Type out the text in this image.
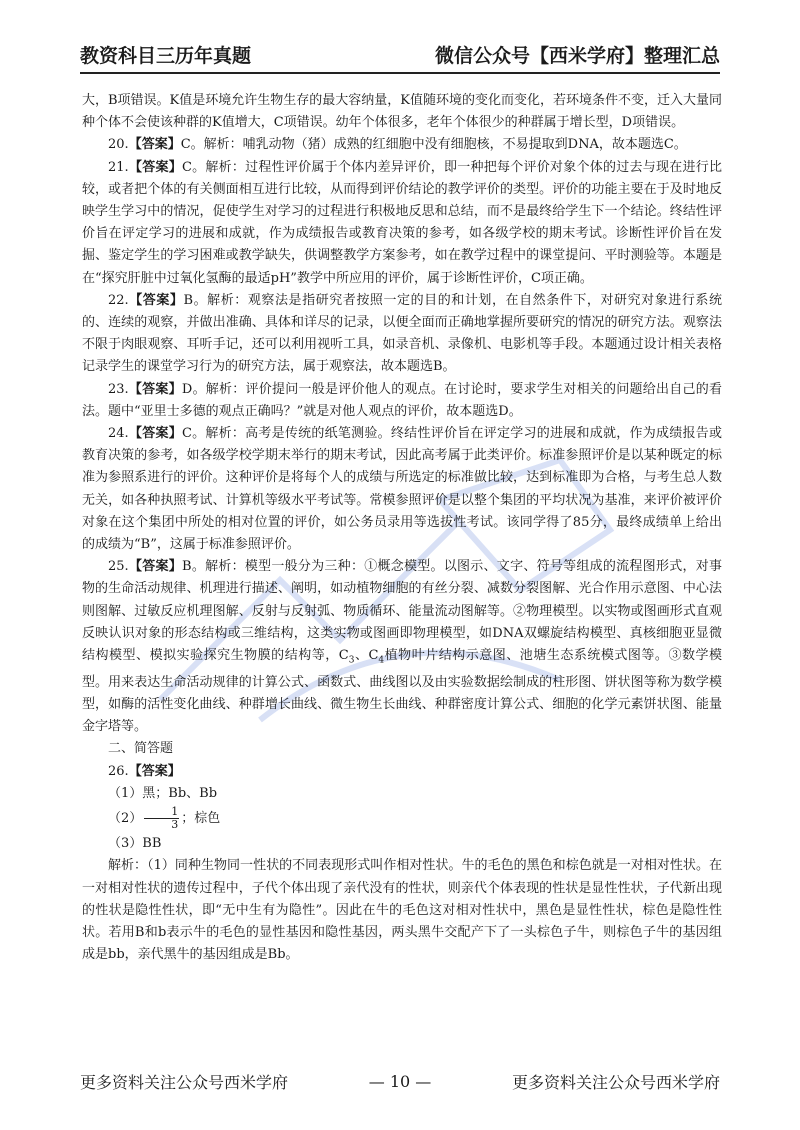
教资科目三历年真题	微信公众号【西米学府】整理汇总

大，B项错误。K值是环境允许生物生存的最大容纳量，K值随环境的变化而变化，若环境条件不变，迁入大量同种个体不会使该种群的K值增大，C项错误。幼年个体很多，老年个体很少的种群属于增长型，D项错误。

20.【答案】C。解析：哺乳动物（猪）成熟的红细胞中没有细胞核，不易提取到DNA，故本题选C。

21.【答案】C。解析：过程性评价属于个体内差异评价，即一种把每个评价对象个体的过去与现在进行比较，或者把个体的有关侧面相互进行比较，从而得到评价结论的教学评价的类型。评价的功能主要在于及时地反映学生学习中的情况，促使学生对学习的过程进行积极地反思和总结，而不是最终给学生下一个结论。终结性评价旨在评定学习的进展和成就，作为成绩报告或教育决策的参考，如各级学校的期末考试。诊断性评价旨在发掘、鉴定学生的学习困难或教学缺失，供调整教学方案参考，如在教学过程中的课堂提问、平时测验等。本题是在“探究肝脏中过氧化氢酶的最适pH”教学中所应用的评价，属于诊断性评价，C项正确。

22.【答案】B。解析：观察法是指研究者按照一定的目的和计划，在自然条件下，对研究对象进行系统的、连续的观察，并做出准确、具体和详尽的记录，以便全面而正确地掌握所要研究的情况的研究方法。观察法不限于肉眼观察、耳听手记，还可以利用视听工具，如录音机、录像机、电影机等手段。本题通过设计相关表格记录学生的课堂学习行为的研究方法，属于观察法，故本题选B。

23.【答案】D。解析：评价提问一般是评价他人的观点。在讨论时，要求学生对相关的问题给出自己的看法。题中“亚里士多德的观点正确吗？”就是对他人观点的评价，故本题选D。

24.【答案】C。解析：高考是传统的纸笔测验。终结性评价旨在评定学习的进展和成就，作为成绩报告或教育决策的参考，如各级学校学期末举行的期末考试，因此高考属于此类评价。标准参照评价是以某种既定的标准为参照系进行的评价。这种评价是将每个人的成绩与所选定的标准做比较，达到标准即为合格，与考生总人数无关，如各种执照考试、计算机等级水平考试等。常模参照评价是以整个集团的平均状况为基准，来评价被评价对象在这个集团中所处的相对位置的评价，如公务员录用等选拔性考试。该同学得了85分，最终成绩单上给出的成绩为“B”，这属于标准参照评价。

25.【答案】B。解析：模型一般分为三种：①概念模型。以图示、文字、符号等组成的流程图形式，对事物的生命活动规律、机理进行描述、阐明，如动植物细胞的有丝分裂、减数分裂图解、光合作用示意图、中心法则图解、过敏反应机理图解、反射与反射弧、物质循环、能量流动图解等。②物理模型。以实物或图画形式直观反映认识对象的形态结构或三维结构，这类实物或图画即物理模型，如DNA双螺旋结构模型、真核细胞亚显微结构模型、模拟实验探究生物膜的结构等，$C_3$、$C_4$植物叶片结构示意图、池塘生态系统模式图等。③数学模型。用来表达生命活动规律的计算公式、函数式、曲线图以及由实验数据绘制成的柱形图、饼状图等称为数学模型，如酶的活性变化曲线、种群增长曲线、微生物生长曲线、种群密度计算公式、细胞的化学元素饼状图、能量金字塔等。

二、简答题

26.【答案】

（1）黑；Bb、Bb

$(2) \frac{1}{3}$ ；棕色

（3）BB

解析：（1）同种生物同一性状的不同表现形式叫作相对性状。牛的毛色的黑色和棕色就是一对相对性状。在一对相对性状的遗传过程中，子代个体出现了亲代没有的性状，则亲代个体表现的性状是显性性状，子代新出现的性状是隐性性状，即“无中生有为隐性”。因此在牛的毛色这对相对性状中，黑色是显性性状，棕色是隐性性状。若用B和b表示牛的毛色的显性基因和隐性基因，两头黑牛交配产下了一头棕色子牛，则棕色子牛的基因组成是bb，亲代黑牛的基因组成是Bb。

更多资料关注公众号西米学府	— 10 —	更多资料关注公众号西米学府
